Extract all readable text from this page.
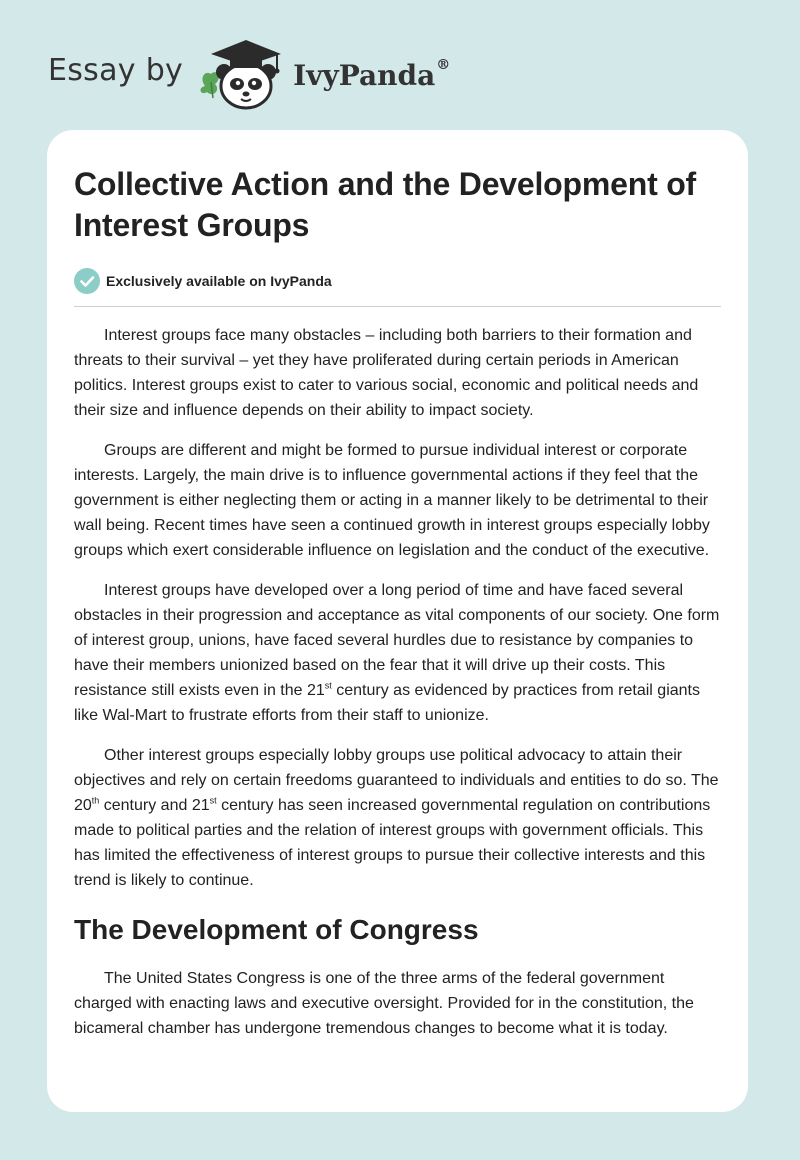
Essay by	IvyPanda®
Collective Action and the Development of Interest Groups
Exclusively available on IvyPanda

Interest groups face many obstacles – including both barriers to their formation and threats to their survival – yet they have proliferated during certain periods in American politics. Interest groups exist to cater to various social, economic and political needs and their size and influence depends on their ability to impact society.

Groups are different and might be formed to pursue individual interest or corporate interests. Largely, the main drive is to influence governmental actions if they feel that the government is either neglecting them or acting in a manner likely to be detrimental to their wall being. Recent times have seen a continued growth in interest groups especially lobby groups which exert considerable influence on legislation and the conduct of the executive.

Interest groups have developed over a long period of time and have faced several obstacles in their progression and acceptance as vital components of our society. One form of interest group, unions, have faced several hurdles due to resistance by companies to have their members unionized based on the fear that it will drive up their costs. This resistance still exists even in the 21st century as evidenced by practices from retail giants like Wal-Mart to frustrate efforts from their staff to unionize.

Other interest groups especially lobby groups use political advocacy to attain their objectives and rely on certain freedoms guaranteed to individuals and entities to do so. The 20th century and 21st century has seen increased governmental regulation on contributions made to political parties and the relation of interest groups with government officials. This has limited the effectiveness of interest groups to pursue their collective interests and this trend is likely to continue.

The Development of Congress

The United States Congress is one of the three arms of the federal government charged with enacting laws and executive oversight. Provided for in the constitution, the bicameral chamber has undergone tremendous changes to become what it is today.
